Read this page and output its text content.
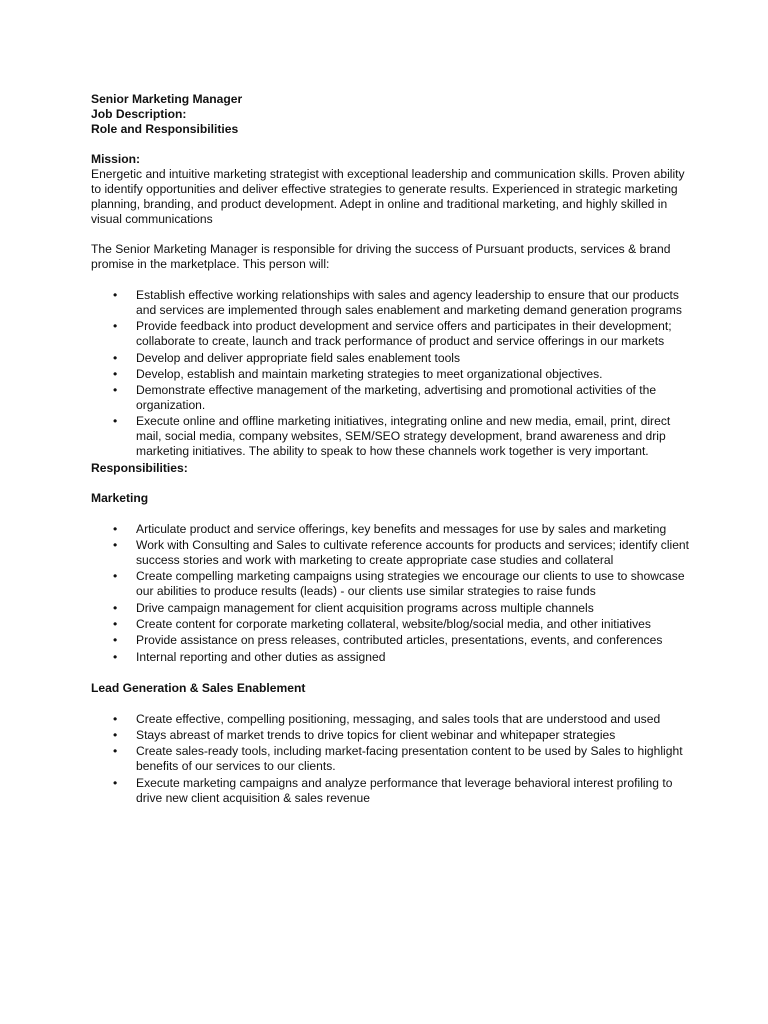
Senior Marketing Manager
Job Description:
Role and Responsibilities
Mission:

Energetic and intuitive marketing strategist with exceptional leadership and communication skills. Proven ability to identify opportunities and deliver effective strategies to generate results. Experienced in strategic marketing planning, branding, and product development. Adept in online and traditional marketing, and highly skilled in visual communications

The Senior Marketing Manager is responsible for driving the success of Pursuant products, services & brand promise in the marketplace. This person will:

• Establish effective working relationships with sales and agency leadership to ensure that our products and services are implemented through sales enablement and marketing demand generation programs
• Provide feedback into product development and service offers and participates in their development; collaborate to create, launch and track performance of product and service offerings in our markets
• Develop and deliver appropriate field sales enablement tools
• Develop, establish and maintain marketing strategies to meet organizational objectives.
• Demonstrate effective management of the marketing, advertising and promotional activities of the organization.
• Execute online and offline marketing initiatives, integrating online and new media, email, print, direct mail, social media, company websites, SEM/SEO strategy development, brand awareness and drip marketing initiatives. The ability to speak to how these channels work together is very important.
Responsibilities:
Marketing
• Articulate product and service offerings, key benefits and messages for use by sales and marketing
• Work with Consulting and Sales to cultivate reference accounts for products and services; identify client success stories and work with marketing to create appropriate case studies and collateral
• Create compelling marketing campaigns using strategies we encourage our clients to use to showcase our abilities to produce results (leads) - our clients use similar strategies to raise funds
• Drive campaign management for client acquisition programs across multiple channels
• Create content for corporate marketing collateral, website/blog/social media, and other initiatives
• Provide assistance on press releases, contributed articles, presentations, events, and conferences
• Internal reporting and other duties as assigned
Lead Generation & Sales Enablement
• Create effective, compelling positioning, messaging, and sales tools that are understood and used
• Stays abreast of market trends to drive topics for client webinar and whitepaper strategies
• Create sales-ready tools, including market-facing presentation content to be used by Sales to highlight benefits of our services to our clients.
• Execute marketing campaigns and analyze performance that leverage behavioral interest profiling to drive new client acquisition & sales revenue
